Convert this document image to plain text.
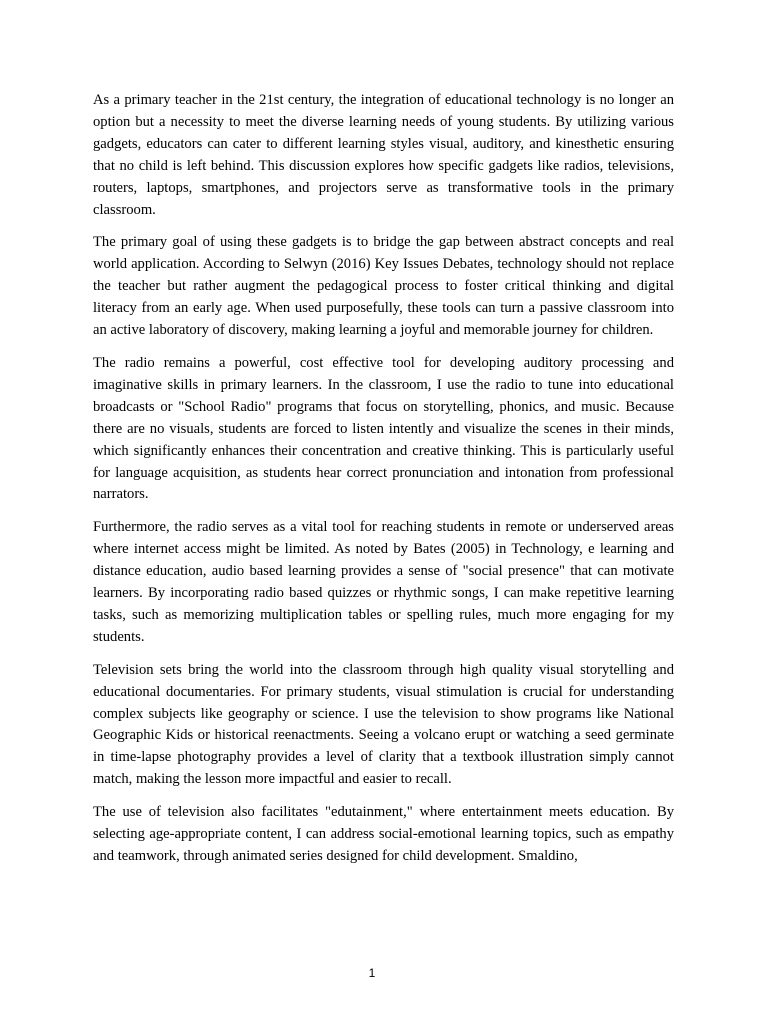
As a primary teacher in the 21st century, the integration of educational technology is no longer an option but a necessity to meet the diverse learning needs of young students. By utilizing various gadgets, educators can cater to different learning styles visual, auditory, and kinesthetic ensuring that no child is left behind. This discussion explores how specific gadgets like radios, televisions, routers, laptops, smartphones, and projectors serve as transformative tools in the primary classroom.

The primary goal of using these gadgets is to bridge the gap between abstract concepts and real world application. According to Selwyn (2016) Key Issues Debates, technology should not replace the teacher but rather augment the pedagogical process to foster critical thinking and digital literacy from an early age. When used purposefully, these tools can turn a passive classroom into an active laboratory of discovery, making learning a joyful and memorable journey for children.

The radio remains a powerful, cost effective tool for developing auditory processing and imaginative skills in primary learners. In the classroom, I use the radio to tune into educational broadcasts or "School Radio" programs that focus on storytelling, phonics, and music. Because there are no visuals, students are forced to listen intently and visualize the scenes in their minds, which significantly enhances their concentration and creative thinking. This is particularly useful for language acquisition, as students hear correct pronunciation and intonation from professional narrators.

Furthermore, the radio serves as a vital tool for reaching students in remote or underserved areas where internet access might be limited. As noted by Bates (2005) in Technology, e learning and distance education, audio based learning provides a sense of "social presence" that can motivate learners. By incorporating radio based quizzes or rhythmic songs, I can make repetitive learning tasks, such as memorizing multiplication tables or spelling rules, much more engaging for my students.

Television sets bring the world into the classroom through high quality visual storytelling and educational documentaries. For primary students, visual stimulation is crucial for understanding complex subjects like geography or science. I use the television to show programs like National Geographic Kids or historical reenactments. Seeing a volcano erupt or watching a seed germinate in time-lapse photography provides a level of clarity that a textbook illustration simply cannot match, making the lesson more impactful and easier to recall.

The use of television also facilitates "edutainment," where entertainment meets education. By selecting age-appropriate content, I can address social-emotional learning topics, such as empathy and teamwork, through animated series designed for child development. Smaldino,

1
